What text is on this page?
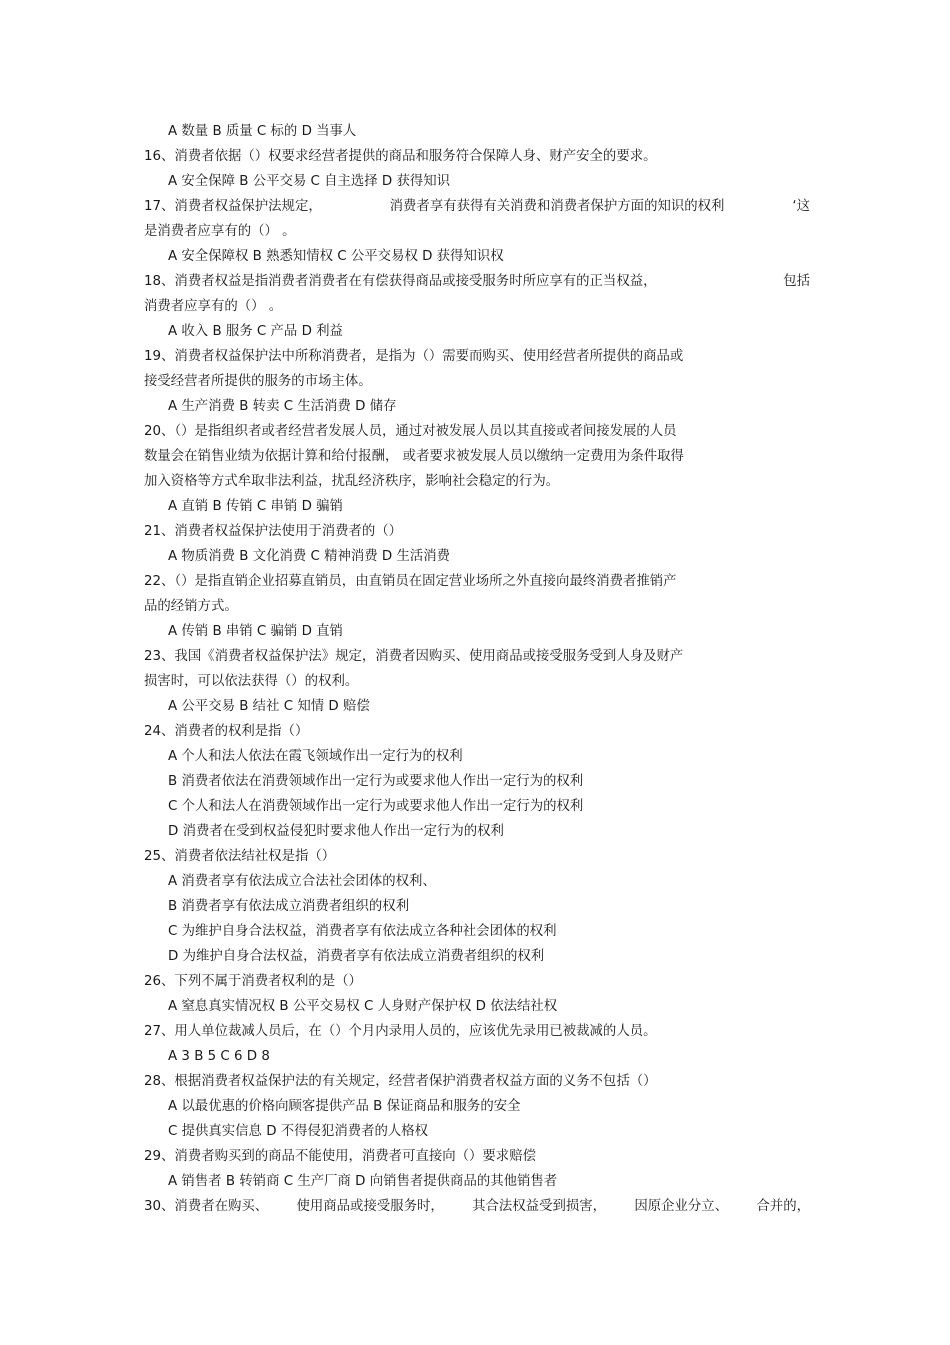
A 数量 B 质量 C 标的 D 当事人
16、消费者依据（）权要求经营者提供的商品和服务符合保障人身、财产安全的要求。
A 安全保障 B 公平交易 C 自主选择 D 获得知识
17、消费者权益保护法规定，	消费者享有获得有关消费和消费者保护方面的知识的权利	‘这
是消费者应享有的（） 。
A 安全保障权 B 熟悉知情权 C 公平交易权 D 获得知识权
18、消费者权益是指消费者消费者在有偿获得商品或接受服务时所应享有的正当权益，	包括
消费者应享有的（） 。
A 收入 B 服务 C 产品 D 利益
19、消费者权益保护法中所称消费者，是指为（）需要而购买、使用经营者所提供的商品或
接受经营者所提供的服务的市场主体。
A 生产消费 B 转卖 C 生活消费 D 储存
20、（）是指组织者或者经营者发展人员，通过对被发展人员以其直接或者间接发展的人员
数量会在销售业绩为依据计算和给付报酬， 或者要求被发展人员以缴纳一定费用为条件取得
加入资格等方式牟取非法利益，扰乱经济秩序，影响社会稳定的行为。
A 直销 B 传销 C 串销 D 骗销
21、消费者权益保护法使用于消费者的（）
A 物质消费 B 文化消费 C 精神消费 D 生活消费
22、（）是指直销企业招募直销员，由直销员在固定营业场所之外直接向最终消费者推销产
品的经销方式。
A 传销 B 串销 C 骗销 D 直销
23、我国《消费者权益保护法》规定，消费者因购买、使用商品或接受服务受到人身及财产
损害时，可以依法获得（）的权利。
A 公平交易 B 结社 C 知情 D 赔偿
24、消费者的权利是指（）
A 个人和法人依法在霞飞领域作出一定行为的权利
B 消费者依法在消费领域作出一定行为或要求他人作出一定行为的权利
C 个人和法人在消费领域作出一定行为或要求他人作出一定行为的权利
D 消费者在受到权益侵犯时要求他人作出一定行为的权利
25、消费者依法结社权是指（）
A 消费者享有依法成立合法社会团体的权利、
B 消费者享有依法成立消费者组织的权利
C 为维护自身合法权益，消费者享有依法成立各种社会团体的权利
D 为维护自身合法权益，消费者享有依法成立消费者组织的权利
26、下列不属于消费者权利的是（）
A 窒息真实情况权 B 公平交易权 C 人身财产保护权 D 依法结社权
27、用人单位裁减人员后，在（）个月内录用人员的，应该优先录用已被裁减的人员。
A 3 B 5 C 6 D 8
28、根据消费者权益保护法的有关规定，经营者保护消费者权益方面的义务不包括（）
A 以最优惠的价格向顾客提供产品 B 保证商品和服务的安全
C 提供真实信息 D 不得侵犯消费者的人格权
29、消费者购买到的商品不能使用，消费者可直接向（）要求赔偿
A 销售者 B 转销商 C 生产厂商 D 向销售者提供商品的其他销售者
30、消费者在购买、 使用商品或接受服务时， 其合法权益受到损害， 因原企业分立、 合并的，
